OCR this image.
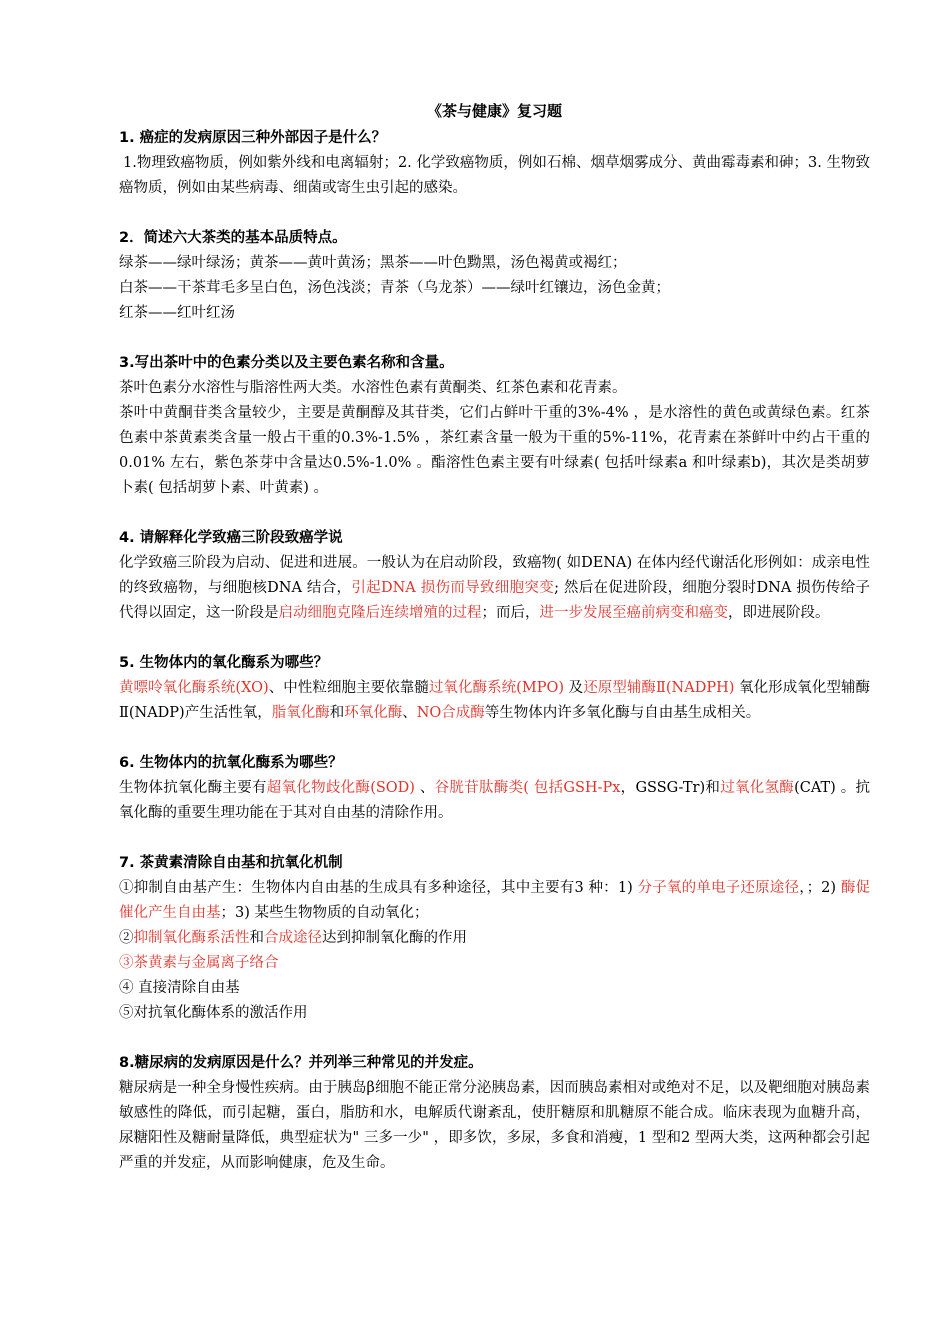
《茶与健康》复习题

1. 癌症的发病原因三种外部因子是什么？

1.物理致癌物质，例如紫外线和电离辐射；2. 化学致癌物质，例如石棉、烟草烟雾成分、黄曲霉毒素和砷；3. 生物致癌物质，例如由某些病毒、细菌或寄生虫引起的感染。

2．简述六大茶类的基本品质特点。

绿茶——绿叶绿汤；黄茶——黄叶黄汤；黑茶——叶色黝黑，汤色褐黄或褐红；

白茶——干茶茸毛多呈白色，汤色浅淡；青茶（乌龙茶）——绿叶红镶边，汤色金黄；

红茶——红叶红汤

3.写出茶叶中的色素分类以及主要色素名称和含量。

茶叶色素分水溶性与脂溶性两大类。水溶性色素有黄酮类、红茶色素和花青素。

茶叶中黄酮苷类含量较少，主要是黄酮醇及其苷类，它们占鲜叶干重的3%-4% ，是水溶性的黄色或黄绿色素。红茶色素中茶黄素类含量一般占干重的0.3%-1.5% ，茶红素含量一般为干重的5%-11%，花青素在茶鲜叶中约占干重的0.01% 左右，紫色茶芽中含量达0.5%-1.0% 。酯溶性色素主要有叶绿素( 包括叶绿素a 和叶绿素b)，其次是类胡萝卜素( 包括胡萝卜素、叶黄素) 。

4. 请解释化学致癌三阶段致癌学说

化学致癌三阶段为启动、促进和进展。一般认为在启动阶段，致癌物( 如DENA) 在体内经代谢活化形例如：成亲电性的终致癌物，与细胞核DNA 结合，引起DNA 损伤而导致细胞突变; 然后在促进阶段，细胞分裂时DNA 损伤传给子代得以固定，这一阶段是启动细胞克隆后连续增殖的过程；而后，进一步发展至癌前病变和癌变，即进展阶段。

5. 生物体内的氧化酶系为哪些？

黄嘌呤氧化酶系统(XO)、中性粒细胞主要依靠髓过氧化酶系统(MPO) 及还原型辅酶Ⅱ(NADPH) 氧化形成氧化型辅酶Ⅱ(NADP)产生活性氧，脂氧化酶和环氧化酶、NO合成酶等生物体内许多氧化酶与自由基生成相关。

6. 生物体内的抗氧化酶系为哪些？

生物体抗氧化酶主要有超氧化物歧化酶(SOD) 、谷胱苷肽酶类( 包括GSH-Px，GSSG-Tr)和过氧化氢酶(CAT) 。抗氧化酶的重要生理功能在于其对自由基的清除作用。

7. 茶黄素清除自由基和抗氧化机制

①抑制自由基产生：生物体内自由基的生成具有多种途径，其中主要有3 种：1) 分子氧的单电子还原途径，；2) 酶促催化产生自由基；3) 某些生物物质的自动氧化；

②抑制氧化酶系活性和合成途径达到抑制氧化酶的作用

③茶黄素与金属离子络合

④ 直接清除自由基

⑤对抗氧化酶体系的激活作用

8.糖尿病的发病原因是什么？并列举三种常见的并发症。

糖尿病是一种全身慢性疾病。由于胰岛β细胞不能正常分泌胰岛素，因而胰岛素相对或绝对不足，以及靶细胞对胰岛素敏感性的降低，而引起糖，蛋白，脂肪和水，电解质代谢紊乱，使肝糖原和肌糖原不能合成。临床表现为血糖升高，尿糖阳性及糖耐量降低，典型症状为" 三多一少" ，即多饮，多尿，多食和消瘦，1 型和2 型两大类，这两种都会引起严重的并发症，从而影响健康，危及生命。
